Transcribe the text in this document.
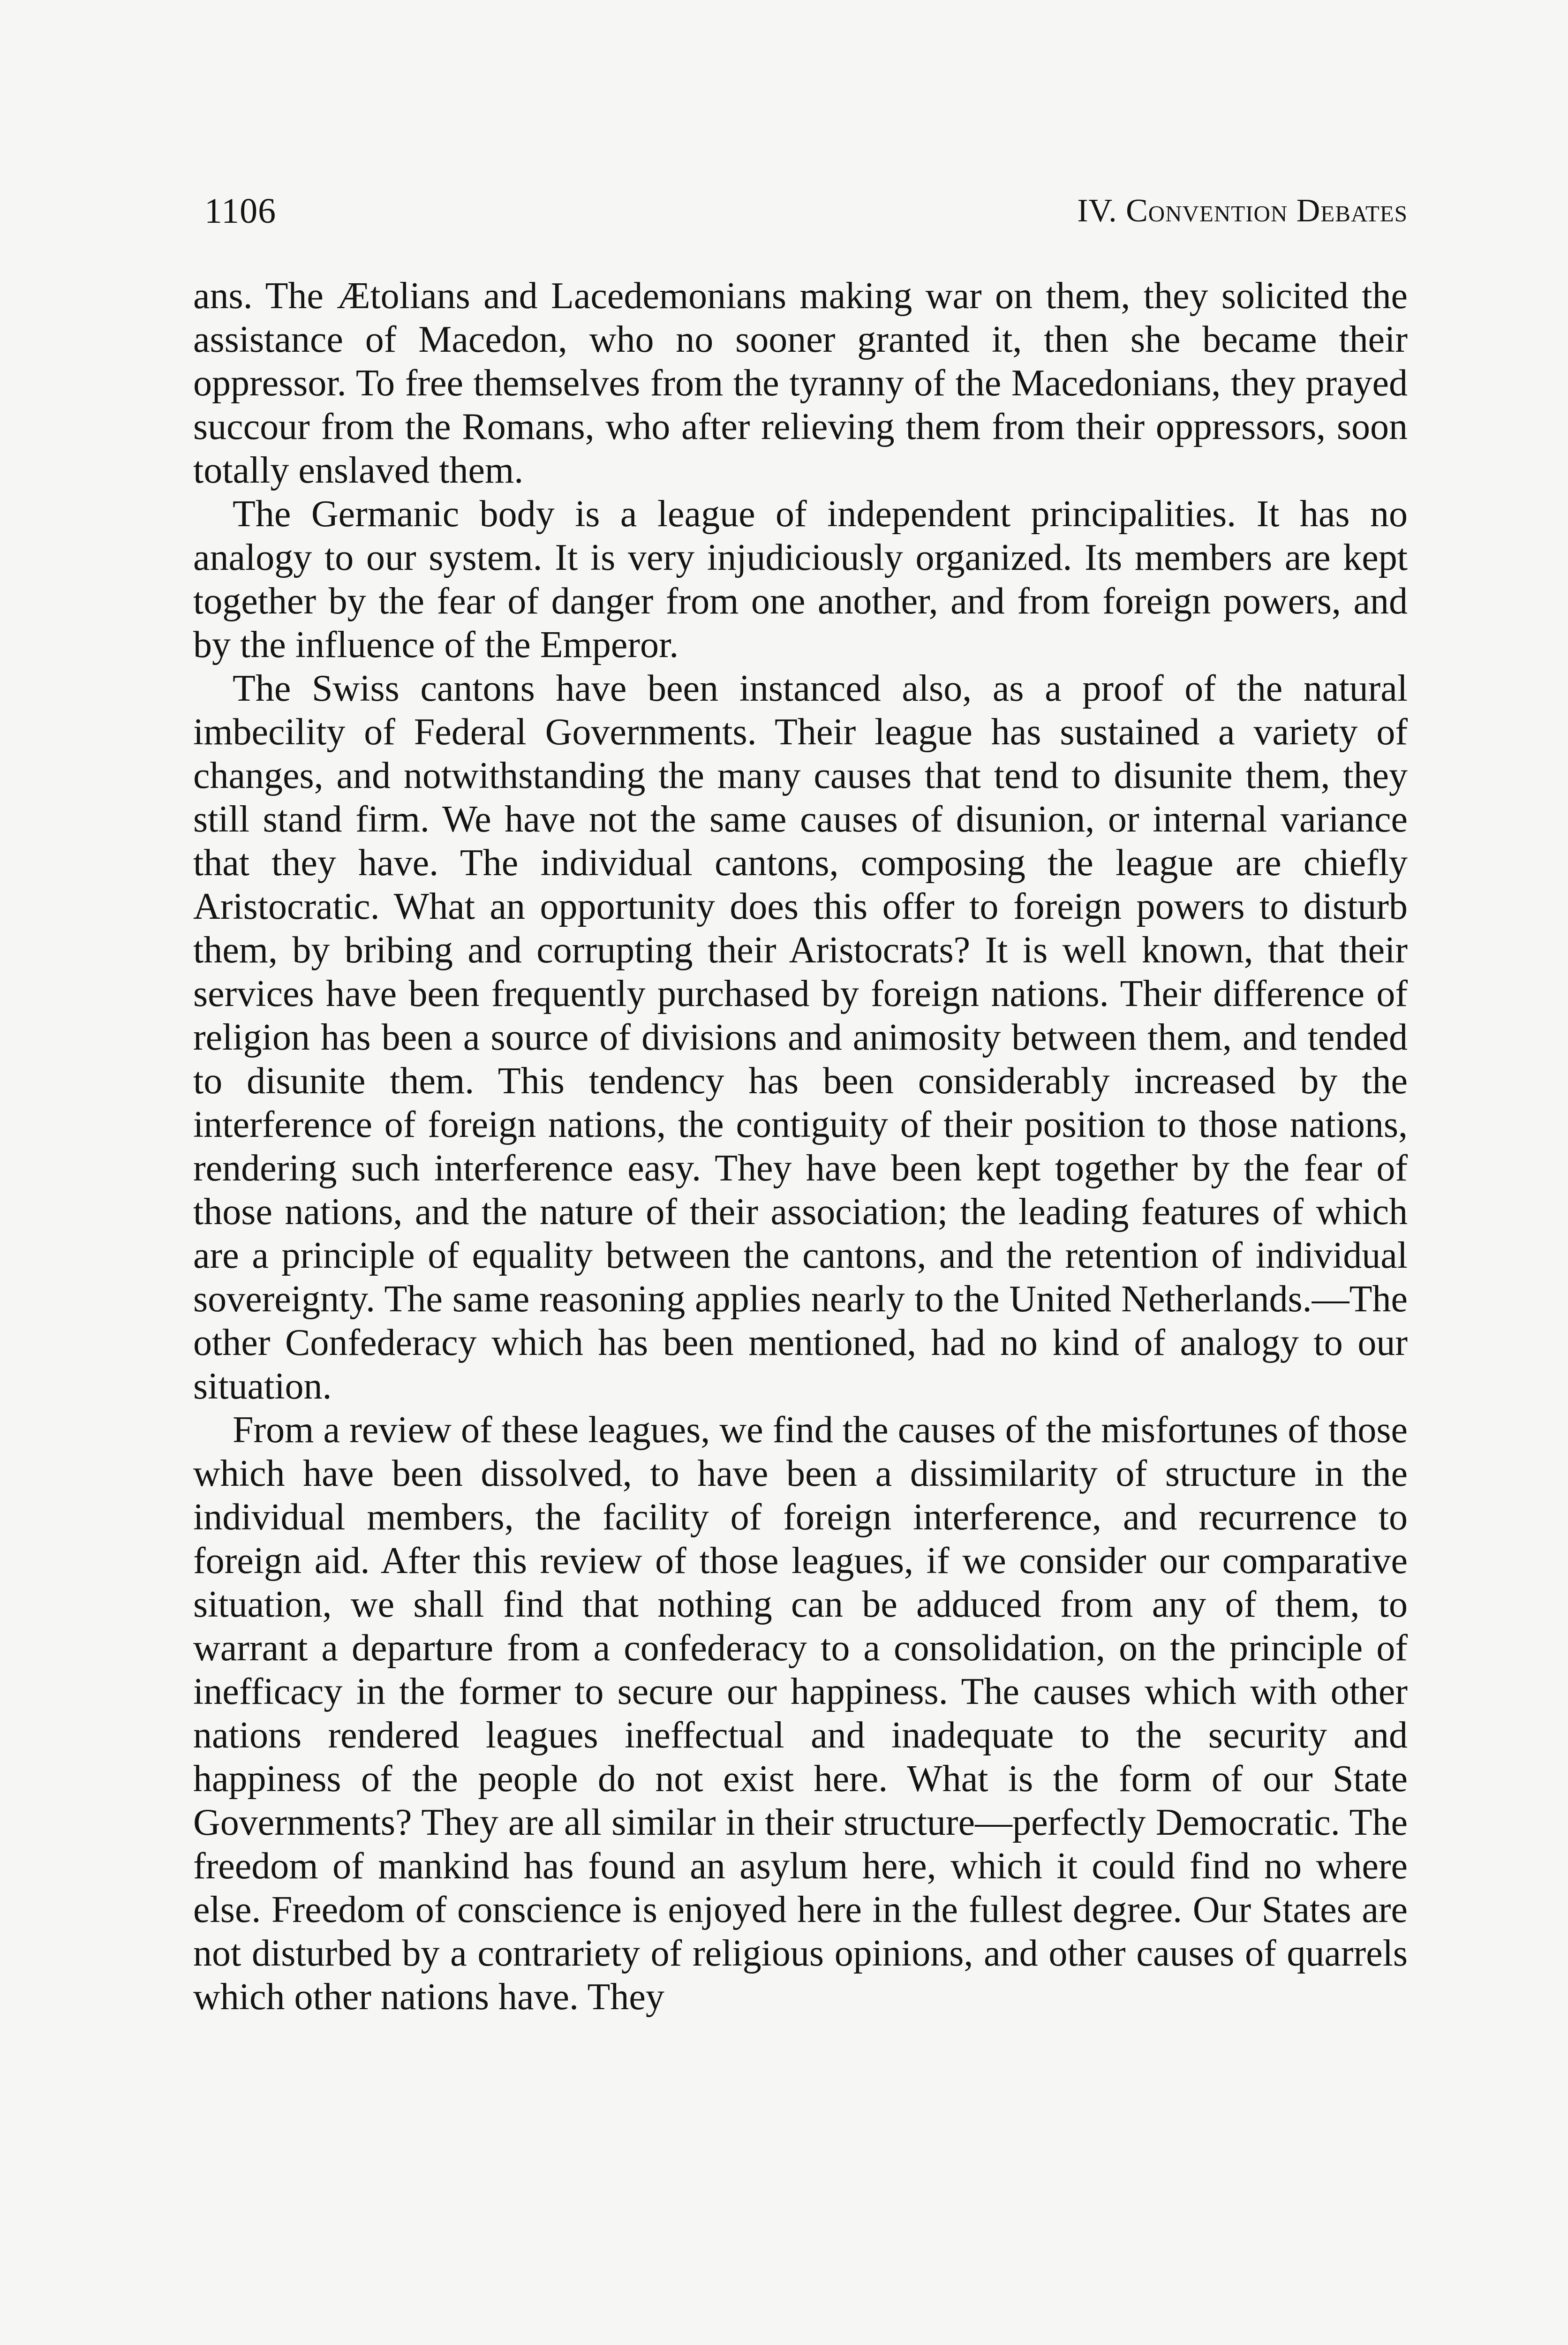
1106	IV. Convention Debates

ans. The Ætolians and Lacedemonians making war on them, they solicited the assistance of Macedon, who no sooner granted it, then she became their oppressor. To free themselves from the tyranny of the Macedonians, they prayed succour from the Romans, who after relieving them from their oppressors, soon totally enslaved them.

The Germanic body is a league of independent principalities. It has no analogy to our system. It is very injudiciously organized. Its members are kept together by the fear of danger from one another, and from foreign powers, and by the influence of the Emperor.

The Swiss cantons have been instanced also, as a proof of the natural imbecility of Federal Governments. Their league has sustained a variety of changes, and notwithstanding the many causes that tend to disunite them, they still stand firm. We have not the same causes of disunion, or internal variance that they have. The individual cantons, composing the league are chiefly Aristocratic. What an opportunity does this offer to foreign powers to disturb them, by bribing and corrupting their Aristocrats? It is well known, that their services have been frequently purchased by foreign nations. Their difference of religion has been a source of divisions and animosity between them, and tended to disunite them. This tendency has been considerably increased by the interference of foreign nations, the contiguity of their position to those nations, rendering such interference easy. They have been kept together by the fear of those nations, and the nature of their association; the leading features of which are a principle of equality between the cantons, and the retention of individual sovereignty. The same reasoning applies nearly to the United Netherlands.—The other Confederacy which has been mentioned, had no kind of analogy to our situation.

From a review of these leagues, we find the causes of the misfortunes of those which have been dissolved, to have been a dissimilarity of structure in the individual members, the facility of foreign interference, and recurrence to foreign aid. After this review of those leagues, if we consider our comparative situation, we shall find that nothing can be adduced from any of them, to warrant a departure from a confederacy to a consolidation, on the principle of inefficacy in the former to secure our happiness. The causes which with other nations rendered leagues ineffectual and inadequate to the security and happiness of the people do not exist here. What is the form of our State Governments? They are all similar in their structure—perfectly Democratic. The freedom of mankind has found an asylum here, which it could find no where else. Freedom of conscience is enjoyed here in the fullest degree. Our States are not disturbed by a contrariety of religious opinions, and other causes of quarrels which other nations have. They
